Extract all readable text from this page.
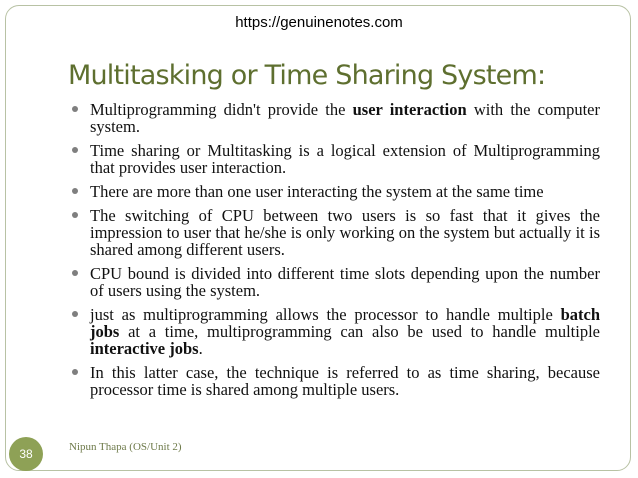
https://genuinenotes.com
Multitasking or Time Sharing System:
Multiprogramming didn't provide the user interaction with the computer system.
Time sharing or Multitasking is a logical extension of Multiprogramming that provides user interaction.
There are more than one user interacting the system at the same time
The switching of CPU between two users is so fast that it gives the impression to user that he/she is only working on the system but actually it is shared among different users.
CPU bound is divided into different time slots depending upon the number of users using the system.
just as multiprogramming allows the processor to handle multiple batch jobs at a time, multiprogramming can also be used to handle multiple interactive jobs.
In this latter case, the technique is referred to as time sharing, because processor time is shared among multiple users.
38	Nipun Thapa (OS/Unit 2)
